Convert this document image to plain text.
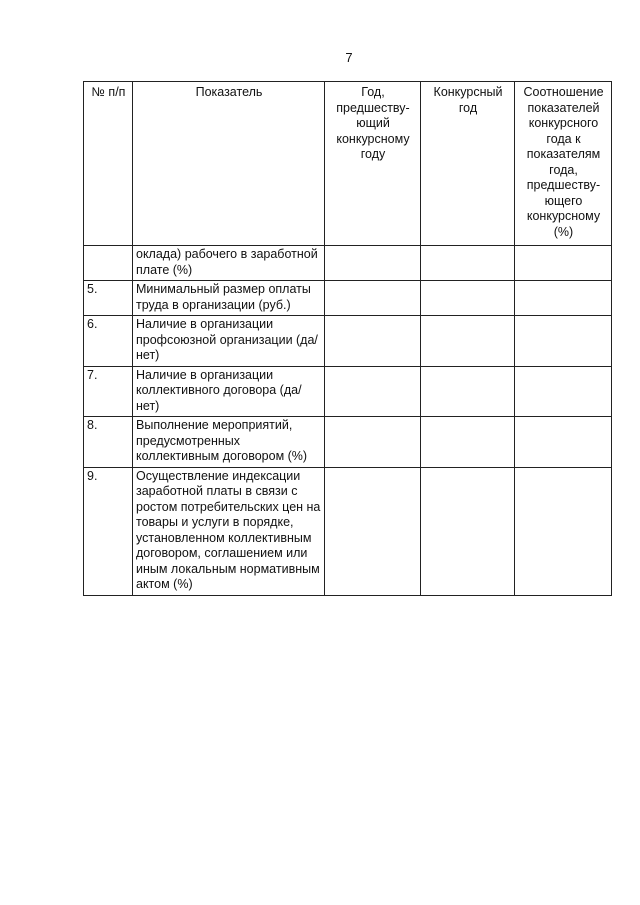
7
№ п/п	Показатель	Год, предшеству-ющий конкурсному году	Конкурсный год	Соотношение показателей конкурсного года к показателям года, предшеству-ющего конкурсному (%)
	оклада) рабочего в заработной плате (%)			
5.	Минимальный размер оплаты труда в организации (руб.)			
6.	Наличие в организации профсоюзной организации (да/нет)			
7.	Наличие в организации коллективного договора (да/нет)			
8.	Выполнение мероприятий, предусмотренных коллективным договором (%)			
9.	Осуществление индексации заработной платы в связи с ростом потребительских цен на товары и услуги в порядке, установленном коллективным договором, соглашением или иным локальным нормативным актом (%)			
